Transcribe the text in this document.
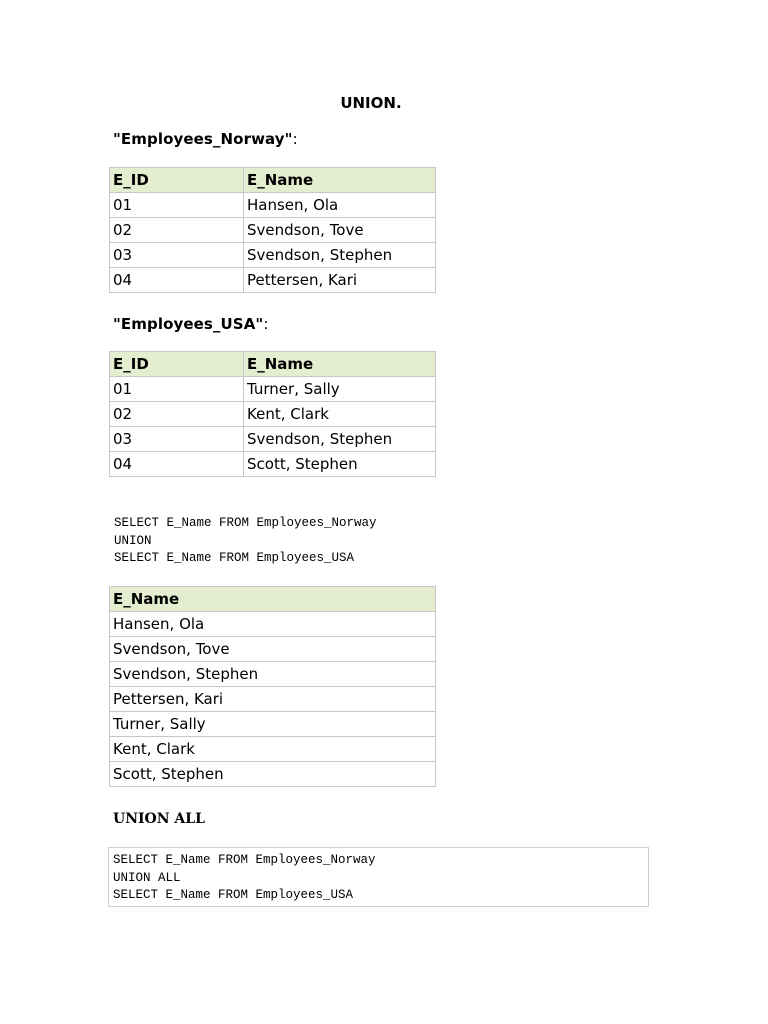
UNION.
"Employees_Norway":
E_ID	E_Name
01	Hansen, Ola
02	Svendson, Tove
03	Svendson, Stephen
04	Pettersen, Kari
"Employees_USA":
E_ID	E_Name
01	Turner, Sally
02	Kent, Clark
03	Svendson, Stephen
04	Scott, Stephen
SELECT E_Name FROM Employees_Norway
UNION
SELECT E_Name FROM Employees_USA
E_Name
Hansen, Ola
Svendson, Tove
Svendson, Stephen
Pettersen, Kari
Turner, Sally
Kent, Clark
Scott, Stephen
UNION ALL
SELECT E_Name FROM Employees_Norway
UNION ALL
SELECT E_Name FROM Employees_USA
